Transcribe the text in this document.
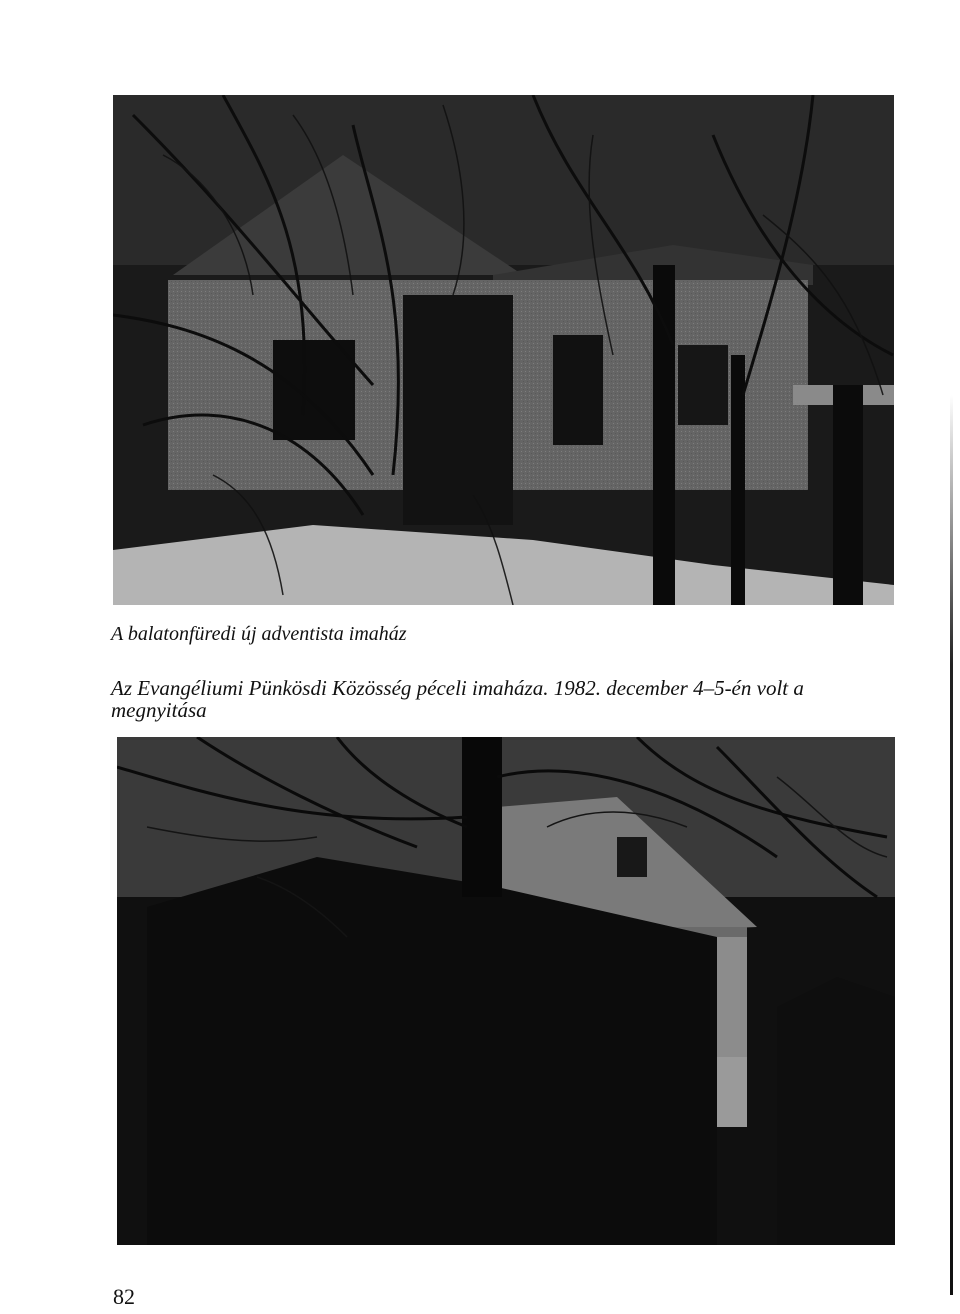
A balatonfüredi új adventista imaház

Az Evangéliumi Pünkösdi Közösség péceli imaháza. 1982. december 4–5-én volt a
megnyitása

82
